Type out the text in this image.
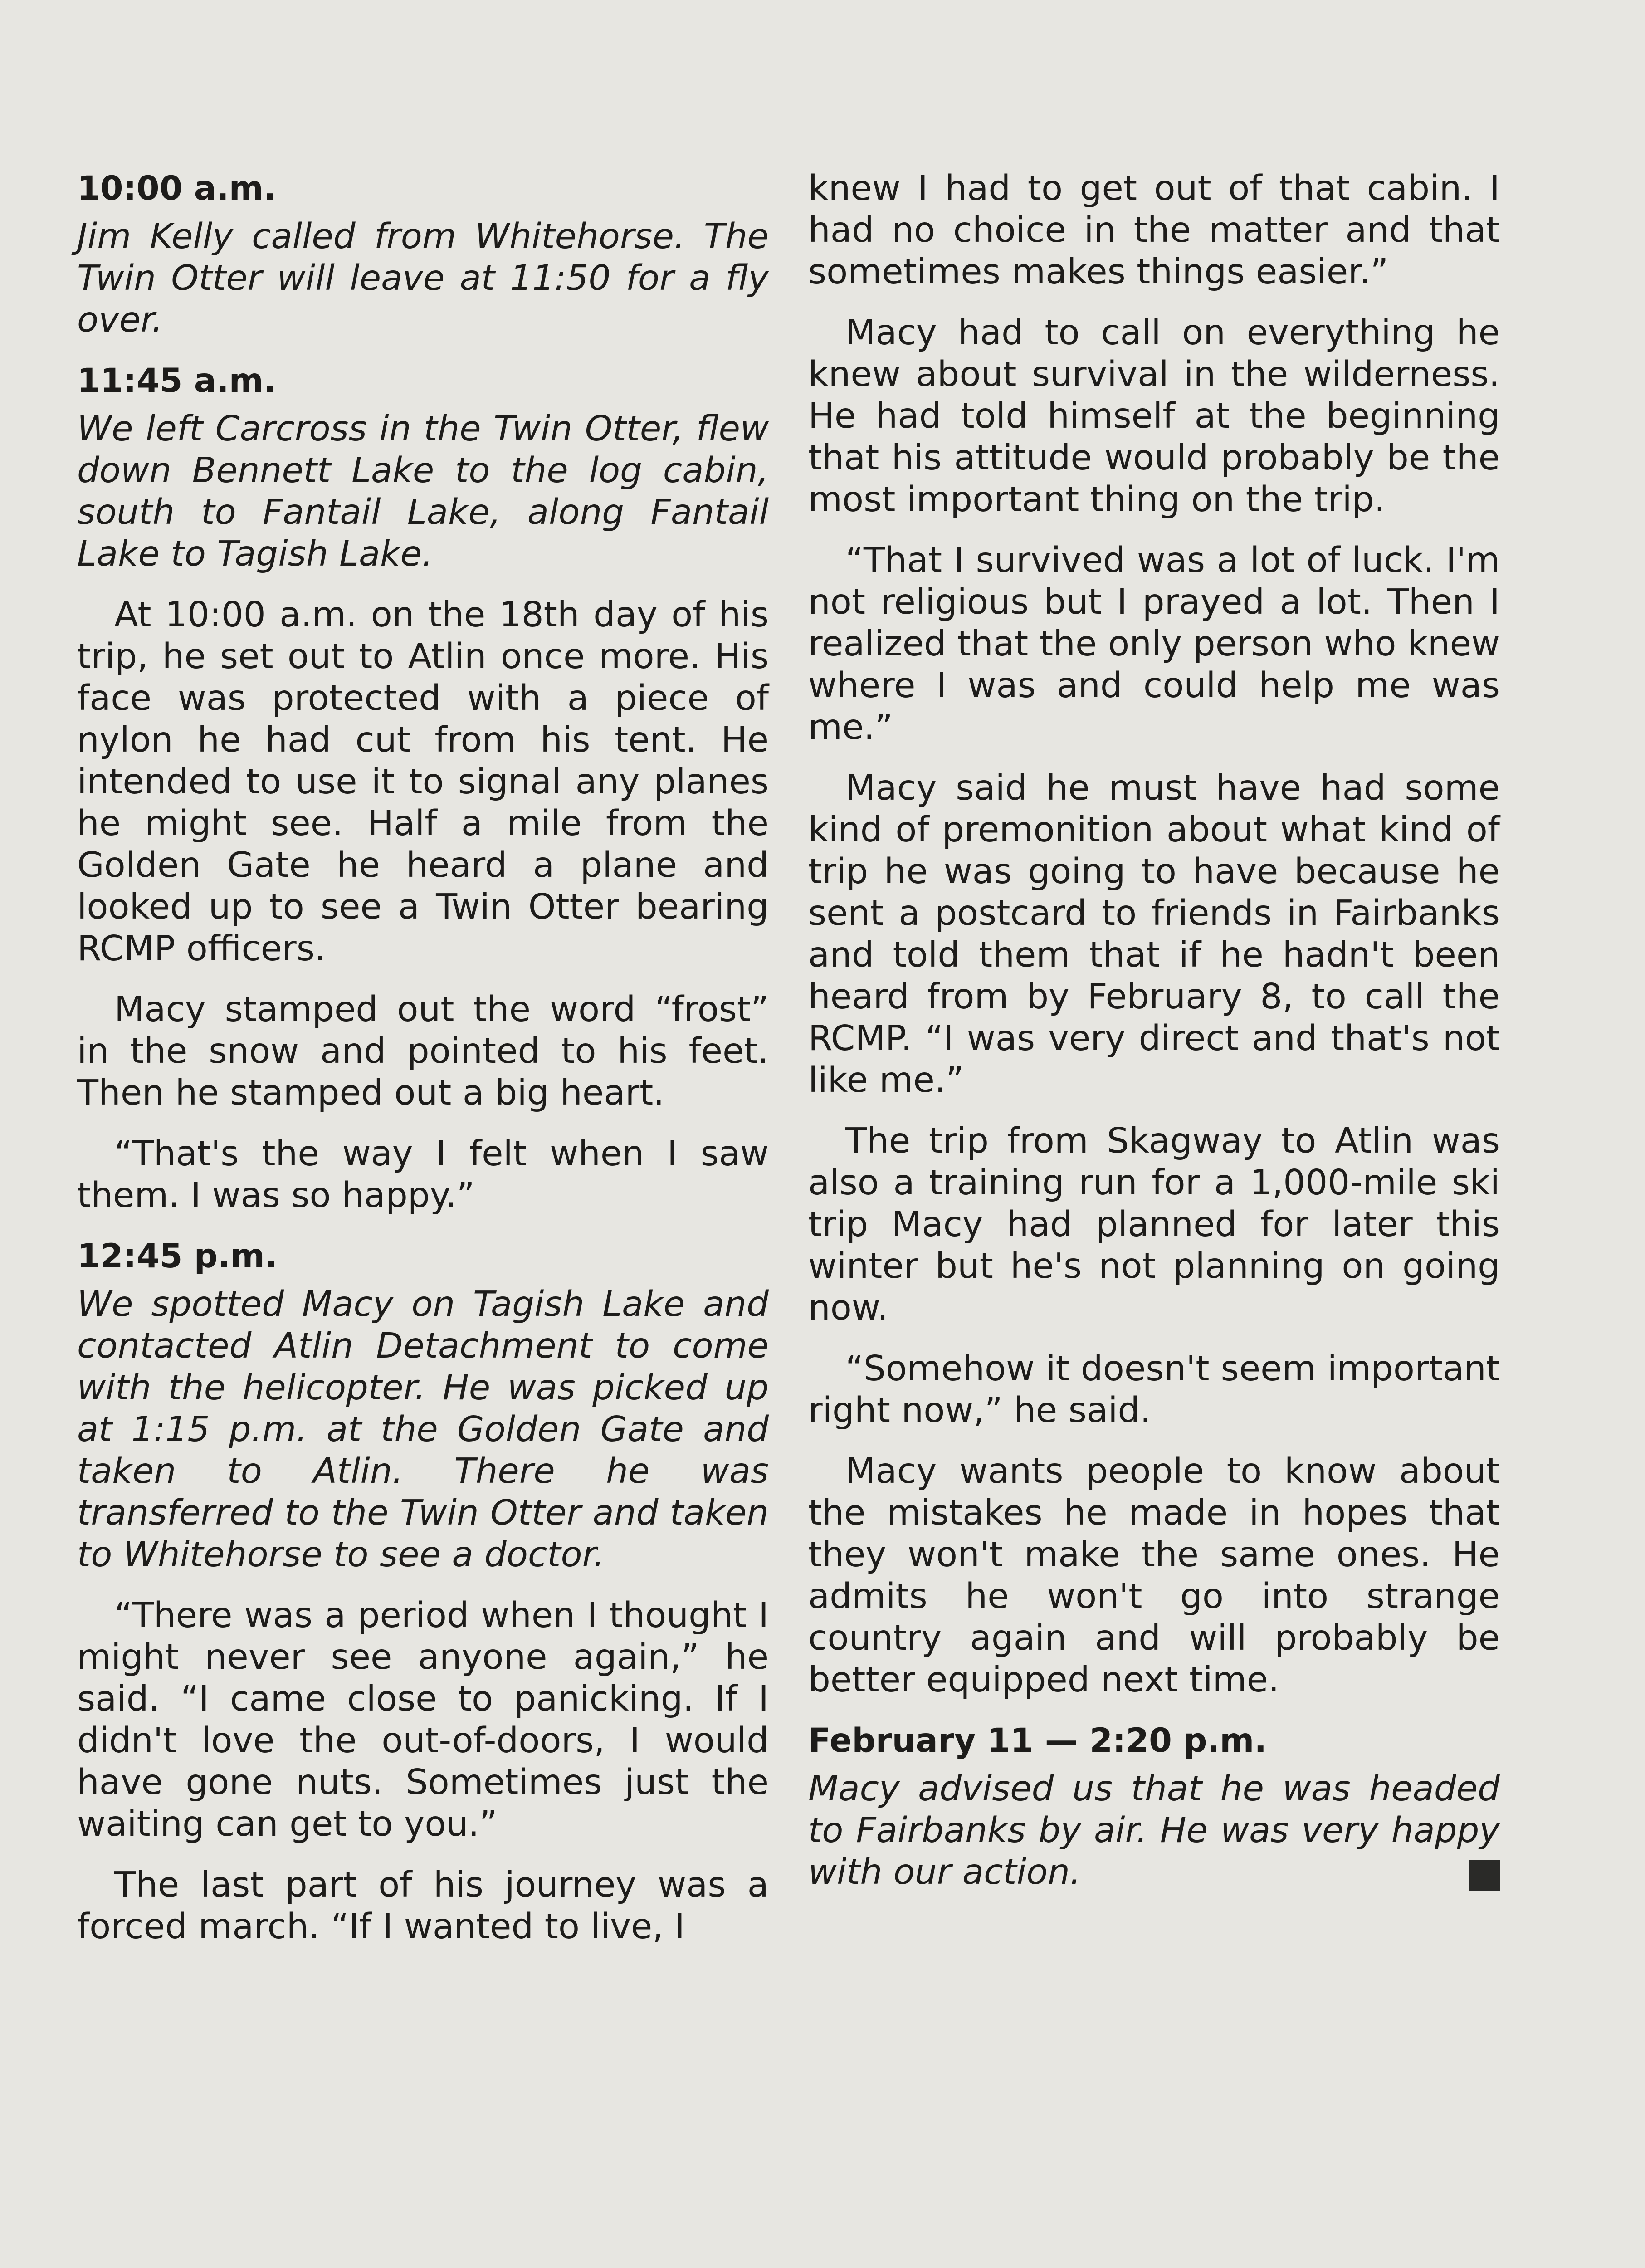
10:00 a.m.

Jim Kelly called from Whitehorse. The Twin Otter will leave at 11:50 for a fly over.

11:45 a.m.

We left Carcross in the Twin Otter, flew down Bennett Lake to the log cabin, south to Fantail Lake, along Fantail Lake to Tagish Lake.

At 10:00 a.m. on the 18th day of his trip, he set out to Atlin once more. His face was protected with a piece of nylon he had cut from his tent. He intended to use it to signal any planes he might see. Half a mile from the Golden Gate he heard a plane and looked up to see a Twin Otter bearing RCMP officers.

Macy stamped out the word “frost” in the snow and pointed to his feet. Then he stamped out a big heart.

“That's the way I felt when I saw them. I was so happy.”

12:45 p.m.

We spotted Macy on Tagish Lake and contacted Atlin Detachment to come with the helicopter. He was picked up at 1:15 p.m. at the Golden Gate and taken to Atlin. There he was transferred to the Twin Otter and taken to Whitehorse to see a doctor.

“There was a period when I thought I might never see anyone again,” he said. “I came close to panicking. If I didn't love the out-of-doors, I would have gone nuts. Sometimes just the waiting can get to you.”

The last part of his journey was a forced march. “If I wanted to live, I

knew I had to get out of that cabin. I had no choice in the matter and that sometimes makes things easier.”

Macy had to call on everything he knew about survival in the wilderness. He had told himself at the beginning that his attitude would probably be the most important thing on the trip.

“That I survived was a lot of luck. I'm not religious but I prayed a lot. Then I realized that the only person who knew where I was and could help me was me.”

Macy said he must have had some kind of premonition about what kind of trip he was going to have because he sent a postcard to friends in Fairbanks and told them that if he hadn't been heard from by February 8, to call the RCMP. “I was very direct and that's not like me.”

The trip from Skagway to Atlin was also a training run for a 1,000-mile ski trip Macy had planned for later this winter but he's not planning on going now.

“Somehow it doesn't seem important right now,” he said.

Macy wants people to know about the mistakes he made in hopes that they won't make the same ones. He admits he won't go into strange country again and will probably be better equipped next time.

February 11 — 2:20 p.m.

Macy advised us that he was headed to Fairbanks by air. He was very happy with our action.
